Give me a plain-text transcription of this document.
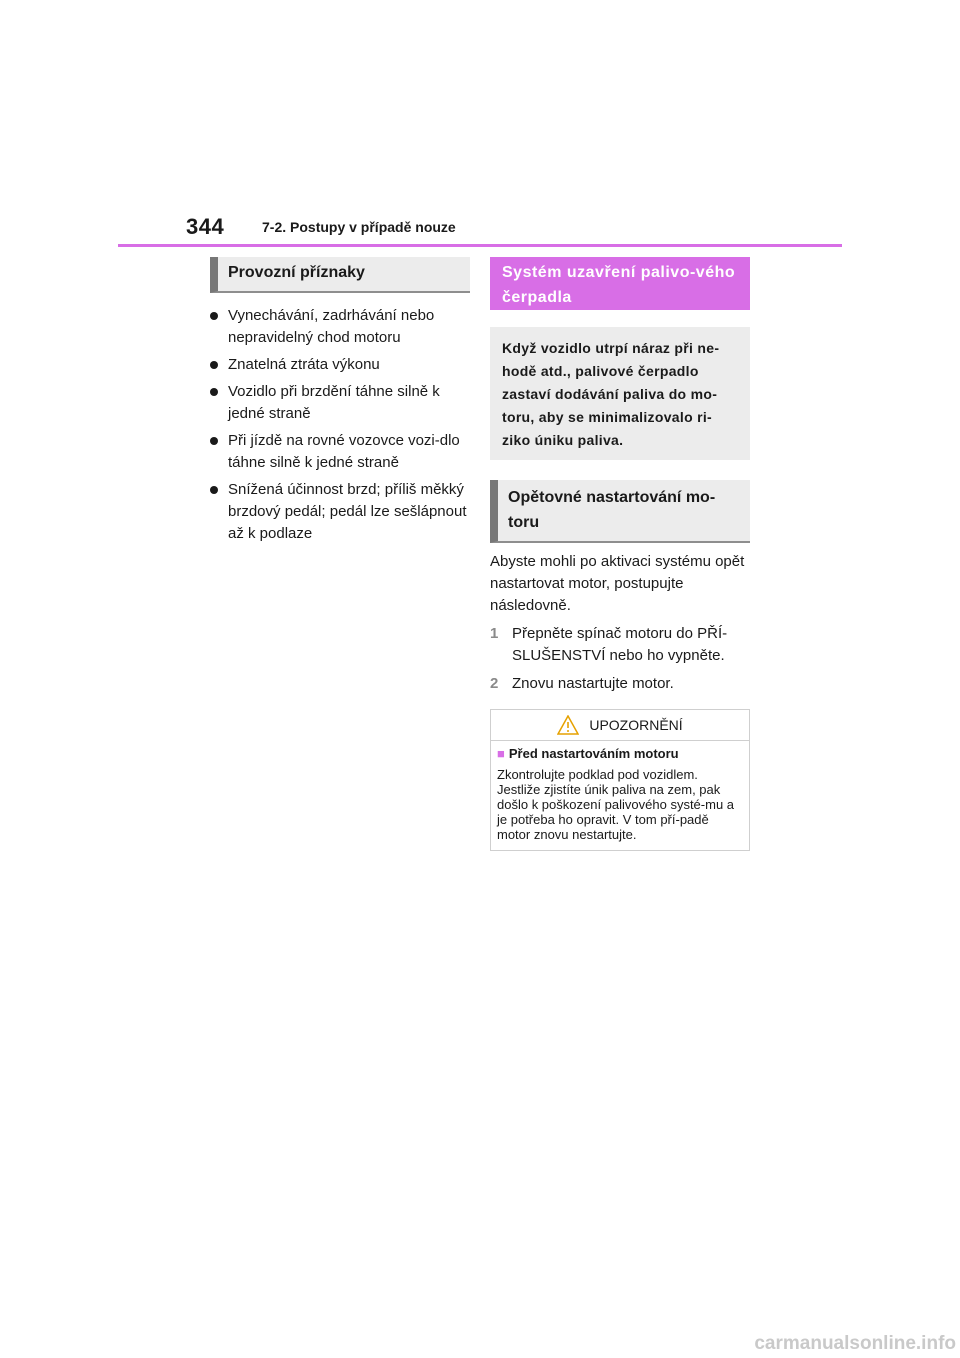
344	7-2. Postupy v případě nouze
Provozní příznaky
Vynechávání, zadrhávání nebo nepravidelný chod motoru
Znatelná ztráta výkonu
Vozidlo při brzdění táhne silně k jedné straně
Při jízdě na rovné vozovce vozi-dlo táhne silně k jedné straně
Snížená účinnost brzd; příliš měkký brzdový pedál; pedál lze sešlápnout až k podlaze
Systém uzavření palivo-vého čerpadla
Když vozidlo utrpí náraz při ne-hodě atd., palivové čerpadlo zastaví dodávání paliva do mo-toru, aby se minimalizovalo ri-ziko úniku paliva.
Opětovné nastartování mo-toru
Abyste mohli po aktivaci systému opět nastartovat motor, postupujte následovně.
1 Přepněte spínač motoru do PŘÍ-SLUŠENSTVÍ nebo ho vypněte.
2 Znovu nastartujte motor.
UPOZORNĚNÍ
■ Před nastartováním motoru
Zkontrolujte podklad pod vozidlem. Jestliže zjistíte únik paliva na zem, pak došlo k poškození palivového systé-mu a je potřeba ho opravit. V tom pří-padě motor znovu nestartujte.
carmanualsonline.info
